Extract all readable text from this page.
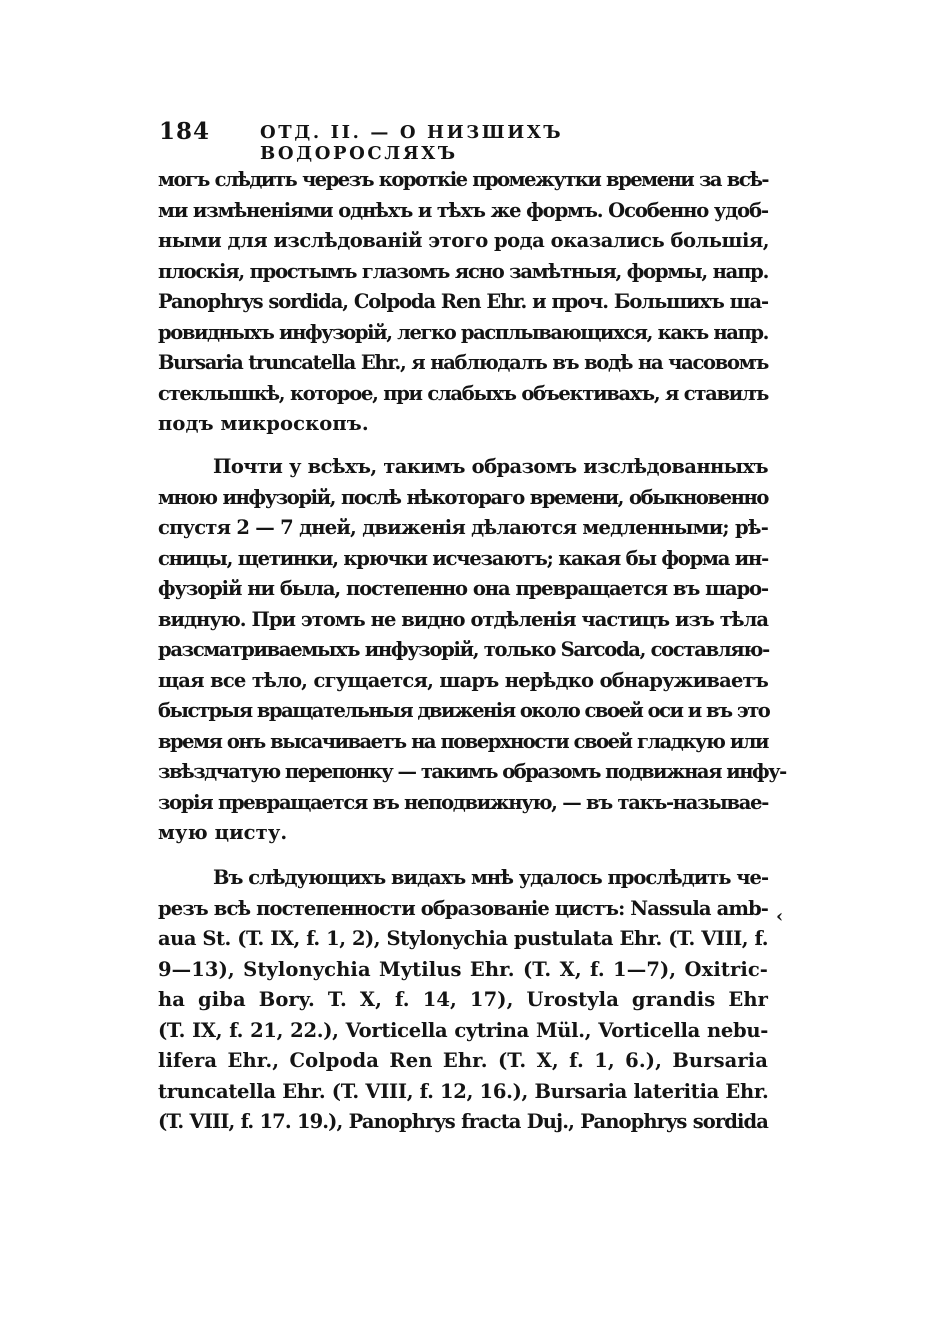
184	ОТД. II. — О НИЗШИХЪ ВОДОРОСЛЯХЪ
могъ слѣдить черезъ короткіе промежутки времени за всѣ-
ми измѣненіями однѣхъ и тѣхъ же формъ. Особенно удоб-
ными для изслѣдованій этого рода оказались большія,
плоскія, простымъ глазомъ ясно замѣтныя, формы, напр.
Panophrys sordida, Colpoda Ren Ehr. и проч. Большихъ ша-
ровидныхъ инфузорій, легко расплывающихся, какъ напр.
Bursaria truncatella Ehr., я наблюдалъ въ водѣ на часовомъ
стеклышкѣ, которое, при слабыхъ объективахъ, я ставилъ
подъ микроскопъ.
Почти у всѣхъ, такимъ образомъ изслѣдованныхъ
мною инфузорій, послѣ нѣкотораго времени, обыкновенно
спустя 2 — 7 дней, движенія дѣлаются медленными; рѣ-
сницы, щетинки, крючки исчезаютъ; какая бы форма ин-
фузорій ни была, постепенно она превращается въ шаро-
видную. При этомъ не видно отдѣленія частицъ изъ тѣла
разсматриваемыхъ инфузорій, только Sarcoda, составляю-
щая все тѣло, сгущается, шаръ нерѣдко обнаруживаетъ
быстрыя вращательныя движенія около своей оси и въ это
время онъ высачиваетъ на поверхности своей гладкую или
звѣздчатую перепонку — такимъ образомъ подвижная инфу-
зорія превращается въ неподвижную, — въ такъ-называе-
мую цисту.
Въ слѣдующихъ видахъ мнѣ удалось прослѣдить че-
резъ всѣ постепенности образованіе цистъ: Nassula amb-
aua St. (T. IX, f. 1, 2), Stylonychia pustulata Ehr. (T. VIII, f.
9—13), Stylonychia Mytilus Ehr. (T. X, f. 1—7), Oxitric-
ha giba Bory. T. X, f. 14, 17), Urostyla grandis Ehr
(T. IX, f. 21, 22.), Vorticella cytrina Mül., Vorticella nebu-
lifera Ehr., Colpoda Ren Ehr. (T. X, f. 1, 6.), Bursaria
truncatella Ehr. (T. VIII, f. 12, 16.), Bursaria lateritia Ehr.
(T. VIII, f. 17. 19.), Panophrys fracta Duj., Panophrys sordida
‹
